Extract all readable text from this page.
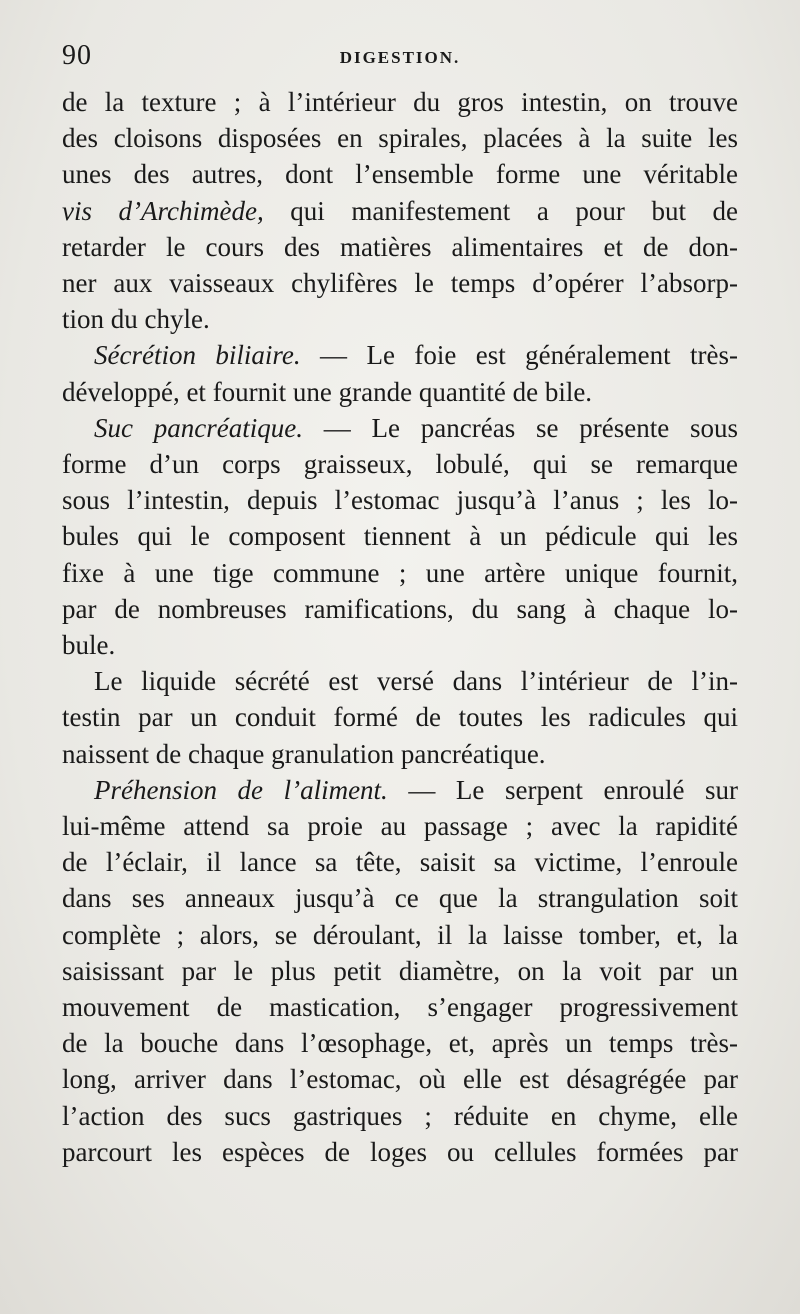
90	DIGESTION.
de la texture ; à l’intérieur du gros intestin, on trouve
des cloisons disposées en spirales, placées à la suite les
unes des autres, dont l’ensemble forme une véritable
vis d’Archimède, qui manifestement a pour but de
retarder le cours des matières alimentaires et de don-
ner aux vaisseaux chylifères le temps d’opérer l’absorp-
tion du chyle.
Sécrétion biliaire. — Le foie est généralement très-
développé, et fournit une grande quantité de bile.
Suc pancréatique. — Le pancréas se présente sous
forme d’un corps graisseux, lobulé, qui se remarque
sous l’intestin, depuis l’estomac jusqu’à l’anus ; les lo-
bules qui le composent tiennent à un pédicule qui les
fixe à une tige commune ; une artère unique fournit,
par de nombreuses ramifications, du sang à chaque lo-
bule.
Le liquide sécrété est versé dans l’intérieur de l’in-
testin par un conduit formé de toutes les radicules qui
naissent de chaque granulation pancréatique.
Préhension de l’aliment. — Le serpent enroulé sur
lui-même attend sa proie au passage ; avec la rapidité
de l’éclair, il lance sa tête, saisit sa victime, l’enroule
dans ses anneaux jusqu’à ce que la strangulation soit
complète ; alors, se déroulant, il la laisse tomber, et, la
saisissant par le plus petit diamètre, on la voit par un
mouvement de mastication, s’engager progressivement
de la bouche dans l’œsophage, et, après un temps très-
long, arriver dans l’estomac, où elle est désagrégée par
l’action des sucs gastriques ; réduite en chyme, elle
parcourt les espèces de loges ou cellules formées par
